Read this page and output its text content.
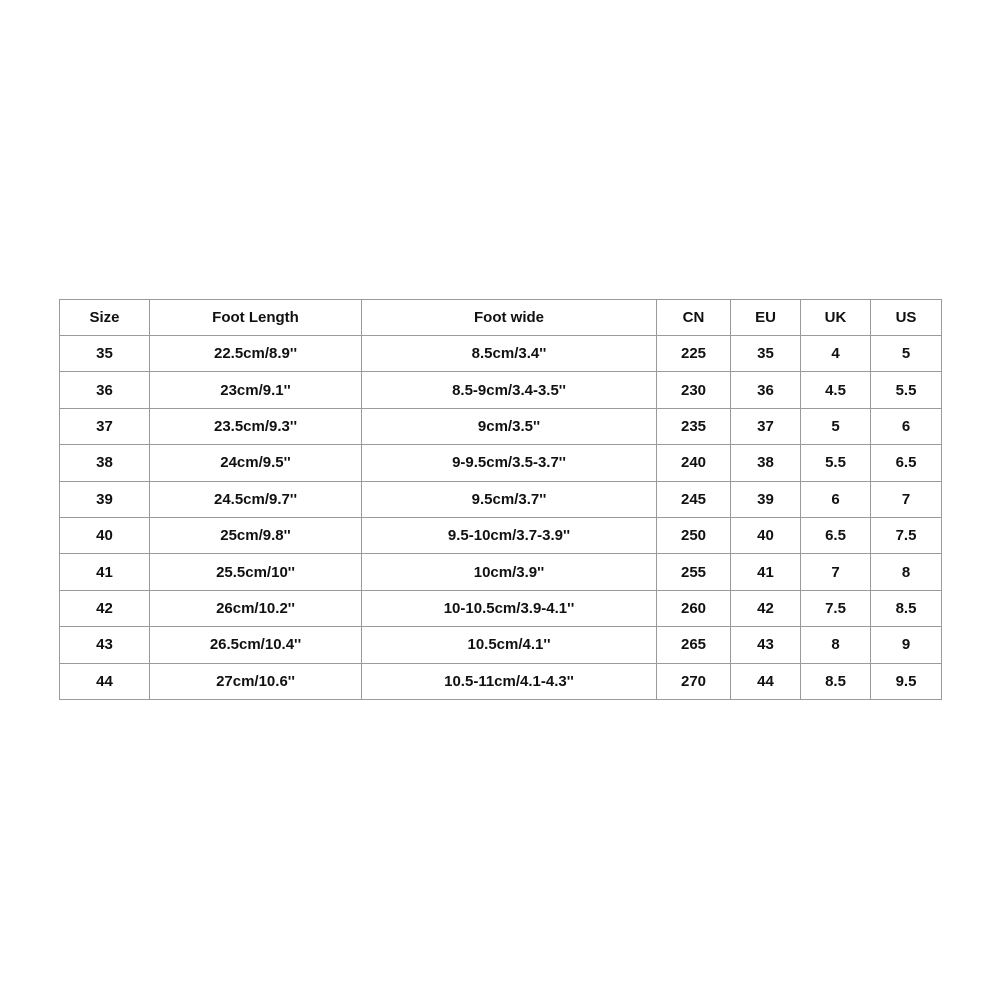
Size	Foot Length	Foot wide	CN	EU	UK	US
35	22.5cm/8.9''	8.5cm/3.4''	225	35	4	5
36	23cm/9.1''	8.5-9cm/3.4-3.5''	230	36	4.5	5.5
37	23.5cm/9.3''	9cm/3.5''	235	37	5	6
38	24cm/9.5''	9-9.5cm/3.5-3.7''	240	38	5.5	6.5
39	24.5cm/9.7''	9.5cm/3.7''	245	39	6	7
40	25cm/9.8''	9.5-10cm/3.7-3.9''	250	40	6.5	7.5
41	25.5cm/10''	10cm/3.9''	255	41	7	8
42	26cm/10.2''	10-10.5cm/3.9-4.1''	260	42	7.5	8.5
43	26.5cm/10.4''	10.5cm/4.1''	265	43	8	9
44	27cm/10.6''	10.5-11cm/4.1-4.3''	270	44	8.5	9.5
